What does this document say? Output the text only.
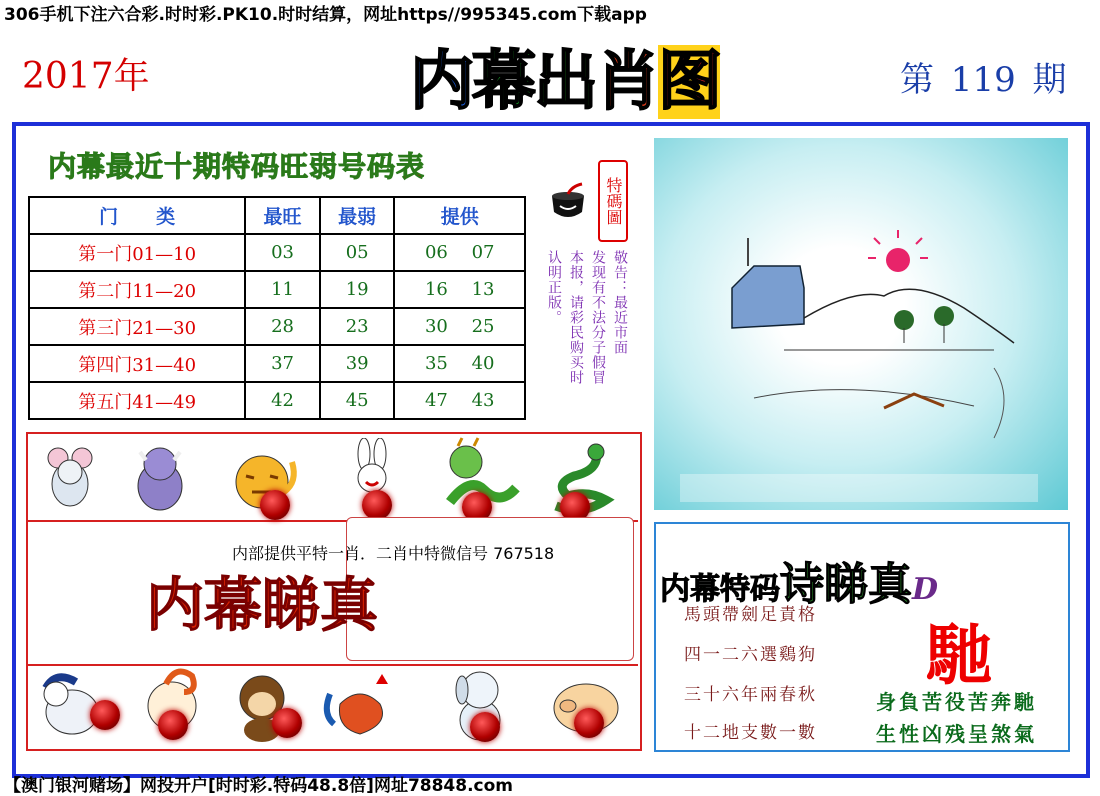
306手机下注六合彩.时时彩.PK10.时时结算，网址https//995345.com下载app
2017年	内幕出肖图	第 119 期
内幕最近十期特码旺弱号码表
门　　类	最旺	最弱	提供
第一门01—10	03	05	06 07
第二门11—20	11	19	16 13
第三门21—30	28	23	30 25
第四门31—40	37	39	35 40
第五门41—49	42	45	47 43
特碼圖
敬告：最近市面
发现有不法分子假冒
本报，请彩民购买时
认明正版。
内幕特码诗睇真D
馳
馬頭帶劍足責格
四一二六選鷄狗
三十六年兩春秋
十二地支數一數
身負苦役苦奔馳
生性凶残呈煞氣
内部提供平特一肖．二肖中特微信号 767518
内幕睇真
【澳门银河赌场】网投开户[时时彩.特码48.8倍]网址78848.com
